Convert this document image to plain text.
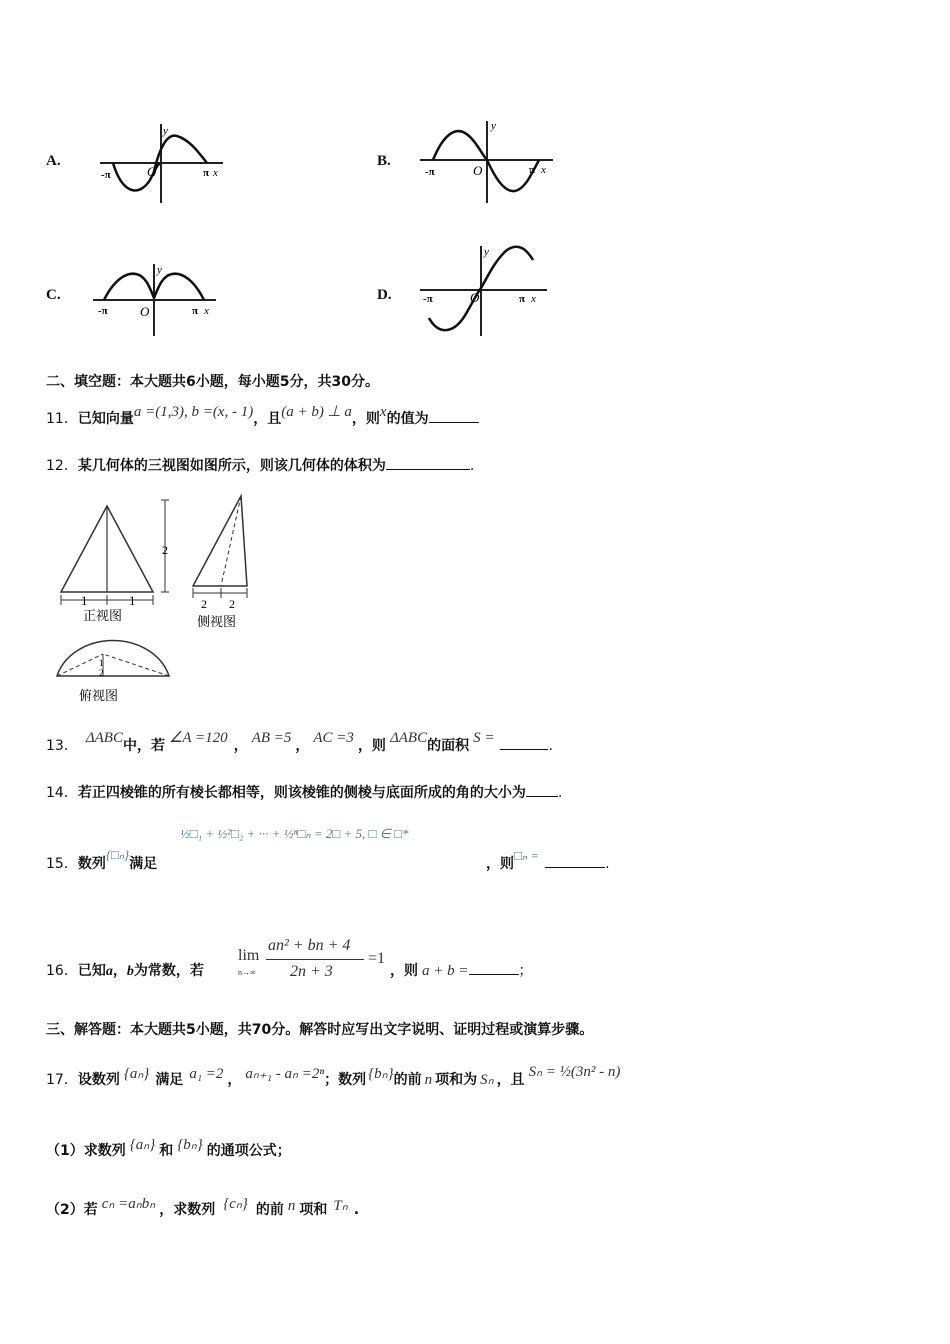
A.
y
-π	O	π x
B.
y
-π	O	π x
C.
y
-π O	π x
D.
y
-π	O	π x
二、填空题：本大题共6小题，每小题5分，共30分。
11．已知向量a =(1,3), b =(x, - 1)，且(a + b) ⊥ a，则x的值为
12．某几何体的三视图如图所示，则该几何体的体积为	.
2
1	1
正视图
2 2
侧视图
1
2
俯视图
13． ΔABC中，若 ∠A =120 ， AB =5 ， AC =3 ，则 ΔABC的面积 S =	.
14．若正四棱锥的所有棱长都相等，则该棱锥的侧棱与底面所成的角的大小为 .
15．数列{□ₙ}满足
½□₁ + ½²□₂ + ··· + ½ⁿ□ₙ = 2□ + 5, □ ∈ □*
，则□ₙ =.
16．已知a，b为常数，若
lim
n→∞
an² + bn + 4
2n + 3
=1
，则 a + b =	；
三、解答题：本大题共5小题，共70分。解答时应写出文字说明、证明过程或演算步骤。
17．设数列 {aₙ} 满足 a₁ =2 ， aₙ₊₁ - aₙ =2ⁿ；数列 {bₙ}的前 n 项和为 Sₙ ，且 Sₙ = ½(3n² - n)
（1）求数列 {aₙ} 和 {bₙ} 的通项公式；
（2）若 cₙ =aₙbₙ ，求数列 {cₙ} 的前 n 项和 Tₙ .
